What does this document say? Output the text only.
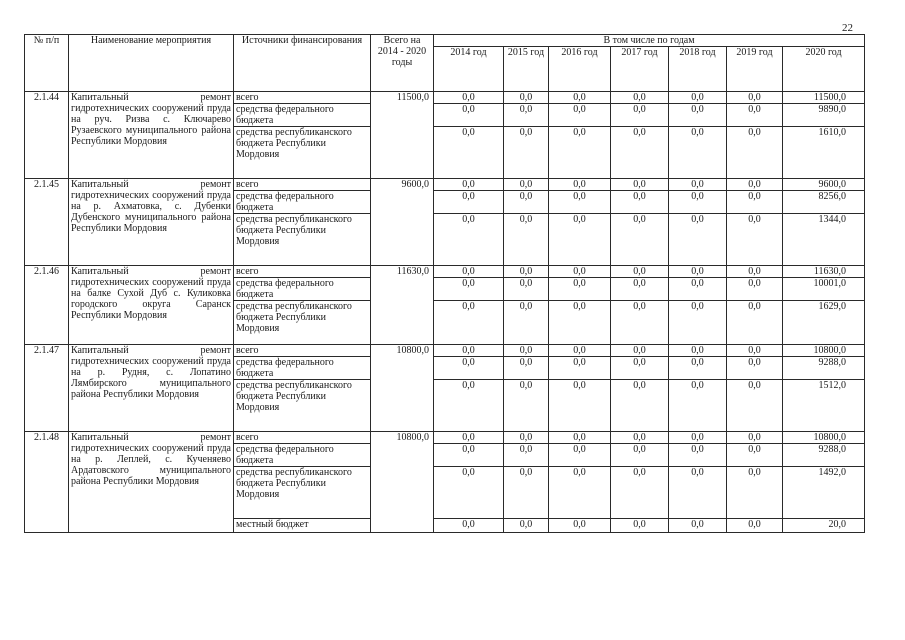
22
№ п/п	Наименование мероприятия	Источники финансирования	Всего на 2014 - 2020 годы	В том числе по годам						
				2014 год	2015 год	2016 год	2017 год	2018 год	2019 год	2020 год
2.1.44	Капитальный ремонт гидротехнических сооружений пруда на руч. Ризва с. Ключарево Рузаевского муниципального района Республики Мордовия	всего	11500,0	0,0	0,0	0,0	0,0	0,0	0,0	11500,0
		средства федерального бюджета		0,0	0,0	0,0	0,0	0,0	0,0	9890,0
		средства республиканского бюджета Республики Мордовия		0,0	0,0	0,0	0,0	0,0	0,0	1610,0
2.1.45	Капитальный ремонт гидротехнических сооружений пруда на р. Ахматовка, с. Дубенки Дубенского муниципального района Республики Мордовия	всего	9600,0	0,0	0,0	0,0	0,0	0,0	0,0	9600,0
		средства федерального бюджета		0,0	0,0	0,0	0,0	0,0	0,0	8256,0
		средства республиканского бюджета Республики Мордовия		0,0	0,0	0,0	0,0	0,0	0,0	1344,0
2.1.46	Капитальный ремонт гидротехнических сооружений пруда на балке Сухой Дуб с. Куликовка городского округа Саранск Республики Мордовия	всего	11630,0	0,0	0,0	0,0	0,0	0,0	0,0	11630,0
		средства федерального бюджета		0,0	0,0	0,0	0,0	0,0	0,0	10001,0
		средства республиканского бюджета Республики Мордовия		0,0	0,0	0,0	0,0	0,0	0,0	1629,0
2.1.47	Капитальный ремонт гидротехнических сооружений пруда на р. Рудня, с. Лопатино Лямбирского муниципального района Республики Мордовия	всего	10800,0	0,0	0,0	0,0	0,0	0,0	0,0	10800,0
		средства федерального бюджета		0,0	0,0	0,0	0,0	0,0	0,0	9288,0
		средства республиканского бюджета Республики Мордовия		0,0	0,0	0,0	0,0	0,0	0,0	1512,0
2.1.48	Капитальный ремонт гидротехнических сооружений пруда на р. Леплей, с. Кученяево Ардатовского муниципального района Республики Мордовия	всего	10800,0	0,0	0,0	0,0	0,0	0,0	0,0	10800,0
		средства федерального бюджета		0,0	0,0	0,0	0,0	0,0	0,0	9288,0
		средства республиканского бюджета Республики Мордовия		0,0	0,0	0,0	0,0	0,0	0,0	1492,0
		местный бюджет		0,0	0,0	0,0	0,0	0,0	0,0	20,0
